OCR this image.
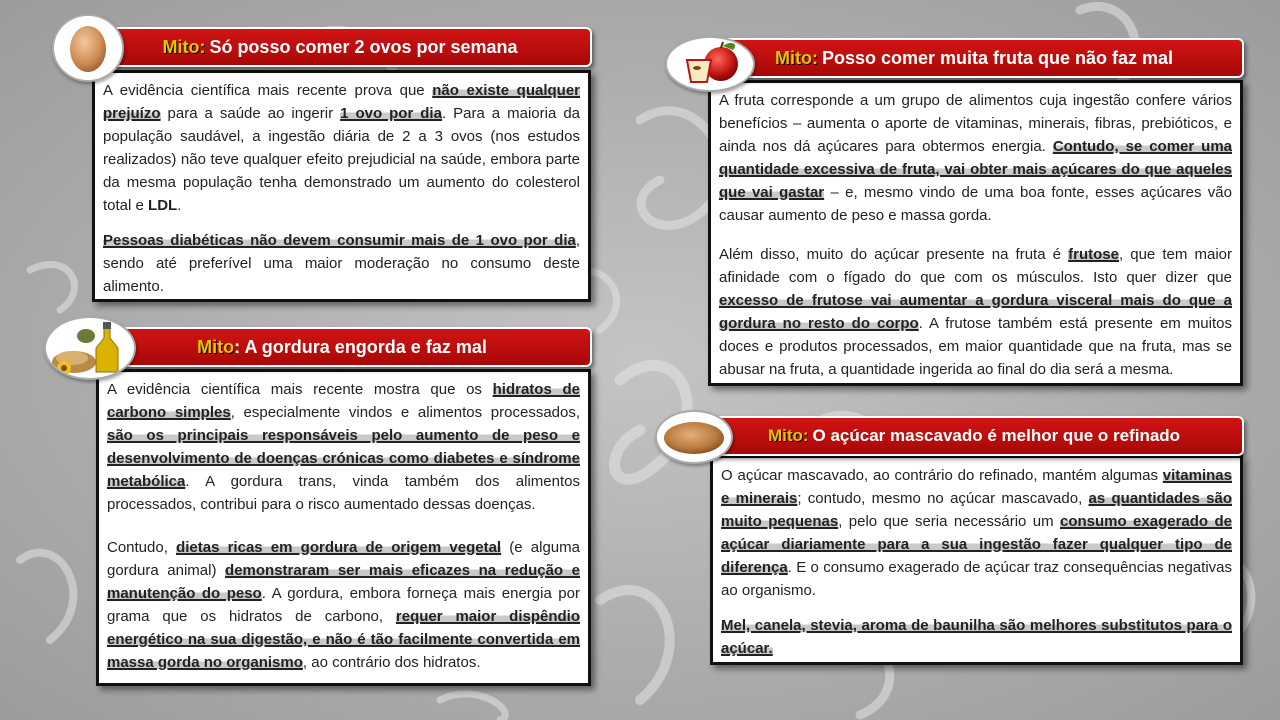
A evidência científica mais recente prova que não existe qualquer prejuízo para a saúde ao ingerir 1 ovo por dia. Para a maioria da população saudável, a ingestão diária de 2 a 3 ovos (nos estudos realizados) não teve qualquer efeito prejudicial na saúde, embora parte da mesma população tenha demonstrado um aumento do colesterol total e LDL.

Pessoas diabéticas não devem consumir mais de 1 ovo por dia, sendo até preferível uma maior moderação no consumo deste alimento.

Mito: Só posso comer 2 ovos por semana

A evidência científica mais recente mostra que os hidratos de carbono simples, especialmente vindos e alimentos processados, são os principais responsáveis pelo aumento de peso e desenvolvimento de doenças crónicas como diabetes e síndrome metabólica. A gordura trans, vinda também dos alimentos processados, contribui para o risco aumentado dessas doenças.

Contudo, dietas ricas em gordura de origem vegetal (e alguma gordura animal) demonstraram ser mais eficazes na redução e manutenção do peso. A gordura, embora forneça mais energia por grama que os hidratos de carbono, requer maior dispêndio energético na sua digestão, e não é tão facilmente convertida em massa gorda no organismo, ao contrário dos hidratos.

Mito : A gordura engorda e faz mal

A fruta corresponde a um grupo de alimentos cuja ingestão confere vários benefícios – aumenta o aporte de vitaminas, minerais, fibras, prebióticos, e ainda nos dá açúcares para obtermos energia. Contudo, se comer uma quantidade excessiva de fruta, vai obter mais açúcares do que aqueles que vai gastar – e, mesmo vindo de uma boa fonte, esses açúcares vão causar aumento de peso e massa gorda.

Além disso, muito do açúcar presente na fruta é frutose, que tem maior afinidade com o fígado do que com os músculos. Isto quer dizer que excesso de frutose vai aumentar a gordura visceral mais do que a gordura no resto do corpo. A frutose também está presente em muitos doces e produtos processados, em maior quantidade que na fruta, mas se abusar na fruta, a quantidade ingerida ao final do dia será a mesma.

Mito: Posso comer muita fruta que não faz mal

O açúcar mascavado, ao contrário do refinado, mantém algumas vitaminas e minerais; contudo, mesmo no açúcar mascavado, as quantidades são muito pequenas, pelo que seria necessário um consumo exagerado de açúcar diariamente para a sua ingestão fazer qualquer tipo de diferença. E o consumo exagerado de açúcar traz consequências negativas ao organismo.

Mel, canela, stevia, aroma de baunilha são melhores substitutos para o açúcar.

Mito: O açúcar mascavado é melhor que o refinado
